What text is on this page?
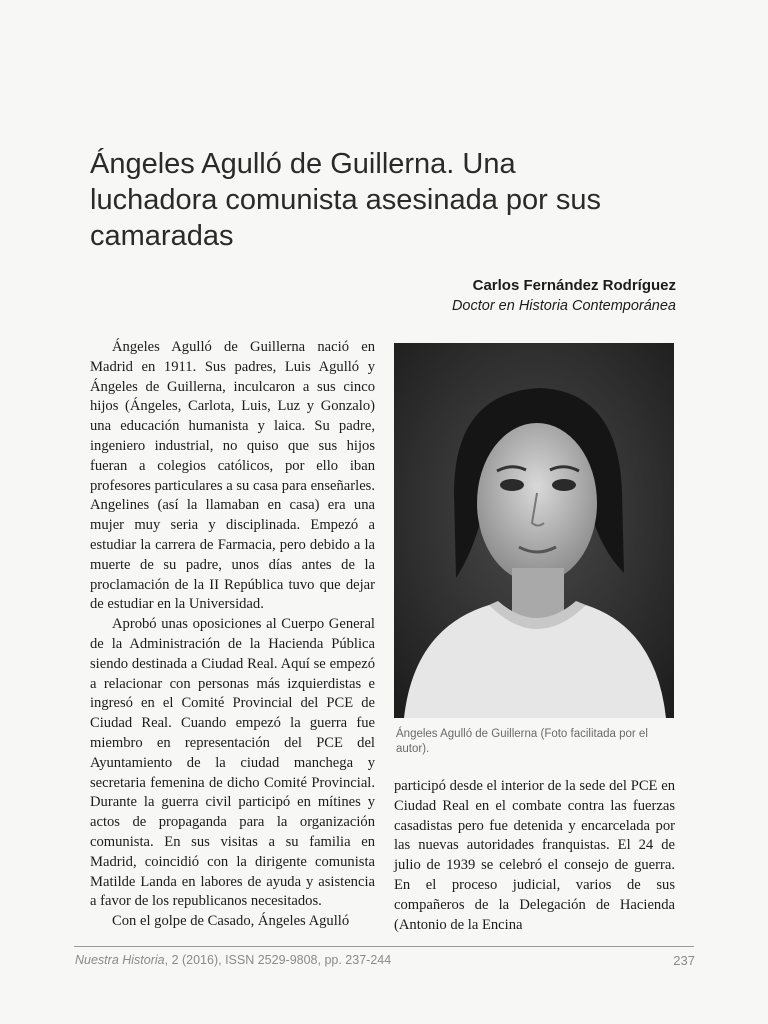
Ángeles Agulló de Guillerna. Una luchadora comunista asesinada por sus camaradas
Carlos Fernández Rodríguez
Doctor en Historia Contemporánea

Ángeles Agulló de Guillerna nació en Madrid en 1911. Sus padres, Luis Agulló y Ángeles de Guillerna, inculcaron a sus cinco hijos (Ángeles, Carlota, Luis, Luz y Gonzalo) una educación humanista y laica. Su padre, ingeniero industrial, no quiso que sus hijos fueran a colegios católicos, por ello iban profesores particulares a su casa para enseñarles. Angelines (así la llamaban en casa) era una mujer muy seria y disciplinada. Empezó a estudiar la carrera de Farmacia, pero debido a la muerte de su padre, unos días antes de la proclamación de la II República tuvo que dejar de estudiar en la Universidad.

Aprobó unas oposiciones al Cuerpo General de la Administración de la Hacienda Pública siendo destinada a Ciudad Real. Aquí se empezó a relacionar con personas más izquierdistas e ingresó en el Comité Provincial del PCE de Ciudad Real. Cuando empezó la guerra fue miembro en representación del PCE del Ayuntamiento de la ciudad manchega y secretaria femenina de dicho Comité Provincial. Durante la guerra civil participó en mítines y actos de propaganda para la organización comunista. En sus visitas a su familia en Madrid, coincidió con la dirigente comunista Matilde Landa en labores de ayuda y asistencia a favor de los republicanos necesitados.

Con el golpe de Casado, Ángeles Agulló

Ángeles Agulló de Guillerna (Foto facilitada por el autor).

participó desde el interior de la sede del PCE en Ciudad Real en el combate contra las fuerzas casadistas pero fue detenida y encarcelada por las nuevas autoridades franquistas. El 24 de julio de 1939 se celebró el consejo de guerra. En el proceso judicial, varios de sus compañeros de la Delegación de Hacienda (Antonio de la Encina

Nuestra Historia, 2 (2016), ISSN 2529-9808, pp. 237-244	237
